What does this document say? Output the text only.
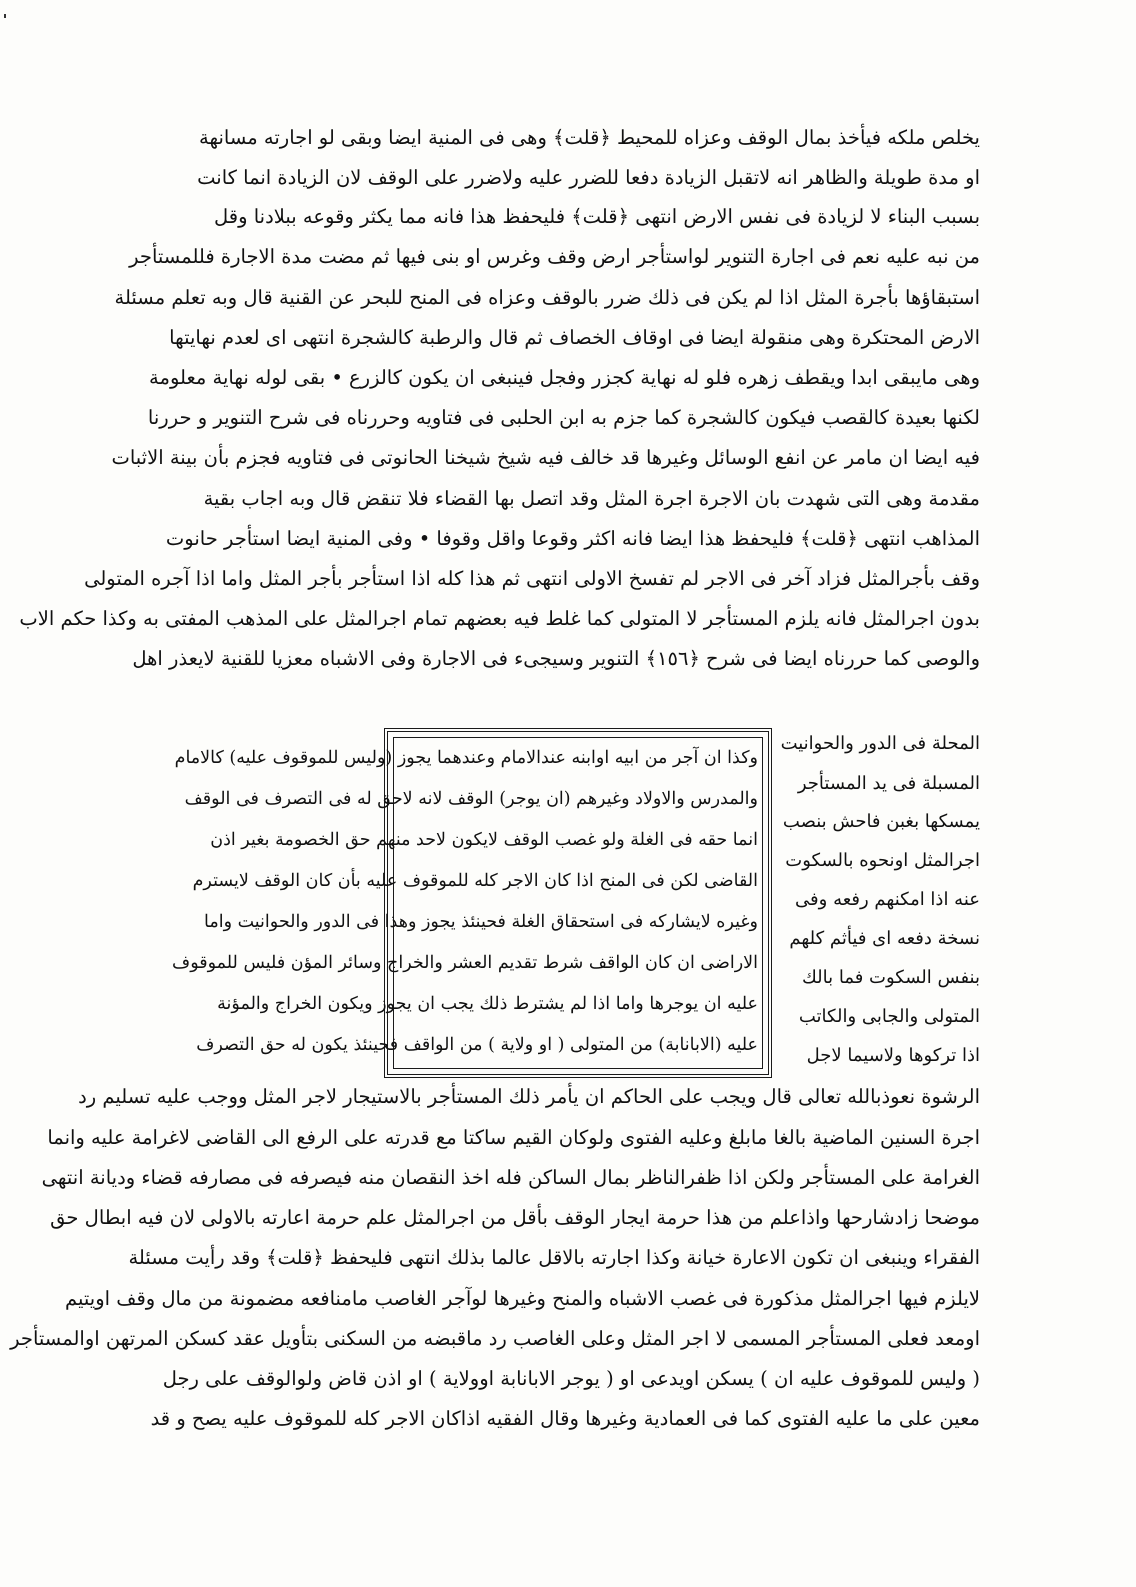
يخلص ملكه فيأخذ بمال الوقف وعزاه للمحيط ﴿قلت﴾ وهى فى المنية ايضا وبقى لو اجارته مسانهة
او مدة طويلة والظاهر انه لاتقبل الزيادة دفعا للضرر عليه ولاضرر على الوقف لان الزيادة انما كانت
بسبب البناء لا لزيادة فى نفس الارض انتهى ﴿قلت﴾ فليحفظ هذا فانه مما يكثر وقوعه ببلادنا وقل
من نبه عليه نعم فى اجارة التنوير لواستأجر ارض وقف وغرس او بنى فيها ثم مضت مدة الاجارة فللمستأجر
استبقاؤها بأجرة المثل اذا لم يكن فى ذلك ضرر بالوقف وعزاه فى المنح للبحر عن القنية قال وبه تعلم مسئلة
الارض المحتكرة وهى منقولة ايضا فى اوقاف الخصاف ثم قال والرطبة كالشجرة انتهى اى لعدم نهايتها
وهى مايبقى ابدا ويقطف زهره فلو له نهاية كجزر وفجل فينبغى ان يكون كالزرع • بقى لوله نهاية معلومة
لكنها بعيدة كالقصب فيكون كالشجرة كما جزم به ابن الحلبى فى فتاويه وحررناه فى شرح التنوير و حررنا
فيه ايضا ان مامر عن انفع الوسائل وغيرها قد خالف فيه شيخ شيخنا الحانوتى فى فتاويه فجزم بأن بينة الاثبات
مقدمة وهى التى شهدت بان الاجرة اجرة المثل وقد اتصل بها القضاء فلا تنقض قال وبه اجاب بقية
المذاهب انتهى ﴿قلت﴾ فليحفظ هذا ايضا فانه اكثر وقوعا واقل وقوفا • وفى المنية ايضا استأجر حانوت
وقف بأجرالمثل فزاد آخر فى الاجر لم تفسخ الاولى انتهى ثم هذا كله اذا استأجر بأجر المثل واما اذا آجره المتولى
بدون اجرالمثل فانه يلزم المستأجر لا المتولى كما غلط فيه بعضهم تمام اجرالمثل على المذهب المفتى به وكذا حكم الاب
والوصى كما حررناه ايضا فى شرح ﴿١٥٦﴾ التنوير وسيجىء فى الاجارة وفى الاشباه معزيا للقنية لايعذر اهل
المحلة فى الدور والحوانيت
المسبلة فى يد المستأجر
يمسكها بغبن فاحش بنصب
اجرالمثل اونحوه بالسكوت
عنه اذا امكنهم رفعه وفى
نسخة دفعه اى فيأثم كلهم
بنفس السكوت فما بالك
المتولى والجابى والكاتب
اذا تركوها ولاسيما لاجل
وكذا ان آجر من ابيه اوابنه عندالامام وعندهما يجوز (وليس للموقوف عليه) كالامام
والمدرس والاولاد وغيرهم (ان يوجر) الوقف لانه لاحق له فى التصرف فى الوقف
انما حقه فى الغلة ولو غصب الوقف لايكون لاحد منهم حق الخصومة بغير اذن
القاضى لكن فى المنح اذا كان الاجر كله للموقوف عليه بأن كان الوقف لايسترم
وغيره لايشاركه فى استحقاق الغلة فحينئذ يجوز وهذا فى الدور والحوانيت واما
الاراضى ان كان الواقف شرط تقديم العشر والخراج وسائر المؤن فليس للموقوف
عليه ان يوجرها واما اذا لم يشترط ذلك يجب ان يجوز ويكون الخراج والمؤنة
عليه (الابانابة) من المتولى ( او ولاية ) من الواقف فحينئذ يكون له حق التصرف
الرشوة نعوذبالله تعالى قال ويجب على الحاكم ان يأمر ذلك المستأجر بالاستيجار لاجر المثل ووجب عليه تسليم رد
اجرة السنين الماضية بالغا مابلغ وعليه الفتوى ولوكان القيم ساكتا مع قدرته على الرفع الى القاضى لاغرامة عليه وانما
الغرامة على المستأجر ولكن اذا ظفرالناظر بمال الساكن فله اخذ النقصان منه فيصرفه فى مصارفه قضاء وديانة انتهى
موضحا زادشارحها واذاعلم من هذا حرمة ايجار الوقف بأقل من اجرالمثل علم حرمة اعارته بالاولى لان فيه ابطال حق
الفقراء وينبغى ان تكون الاعارة خيانة وكذا اجارته بالاقل عالما بذلك انتهى فليحفظ ﴿قلت﴾ وقد رأيت مسئلة
لايلزم فيها اجرالمثل مذكورة فى غصب الاشباه والمنح وغيرها لوآجر الغاصب مامنافعه مضمونة من مال وقف اويتيم
اومعد فعلى المستأجر المسمى لا اجر المثل وعلى الغاصب رد ماقبضه من السكنى بتأويل عقد كسكن المرتهن اوالمستأجر
( وليس للموقوف عليه ان ) يسكن اويدعى او ( يوجر الابانابة اوولاية ) او اذن قاض ولوالوقف على رجل
معين على ما عليه الفتوى كما فى العمادية وغيرها وقال الفقيه اذاكان الاجر كله للموقوف عليه يصح و قد
